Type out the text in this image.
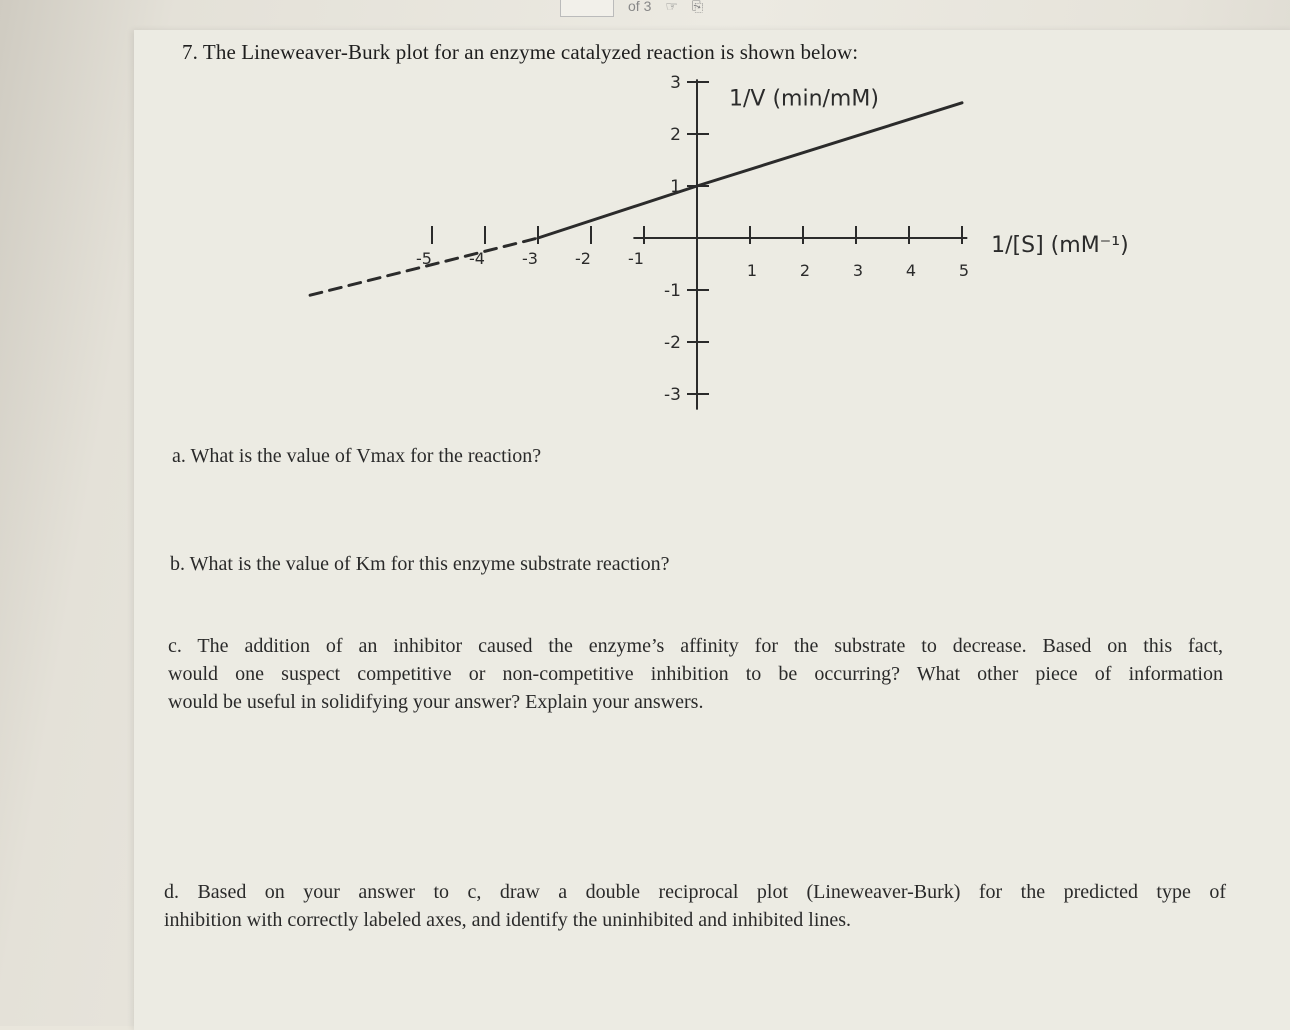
of 3 ☞ ⎘
7. The Lineweaver-Burk plot for an enzyme catalyzed reaction is shown below:
-5 -4 -3 -2 -1
1	2	3	4	5
3
2
1
-1
-2
-3
1/V (min/mM)
1/[S] (mM⁻¹)
a. What is the value of Vmax for the reaction?
b. What is the value of Km for this enzyme substrate reaction?
c. The addition of an inhibitor caused the enzyme’s affinity for the substrate to decrease. Based on this fact,
would one suspect competitive or non-competitive inhibition to be occurring? What other piece of information
would be useful in solidifying your answer? Explain your answers.
d. Based on your answer to c, draw a double reciprocal plot (Lineweaver-Burk) for the predicted type of
inhibition with correctly labeled axes, and identify the uninhibited and inhibited lines.
